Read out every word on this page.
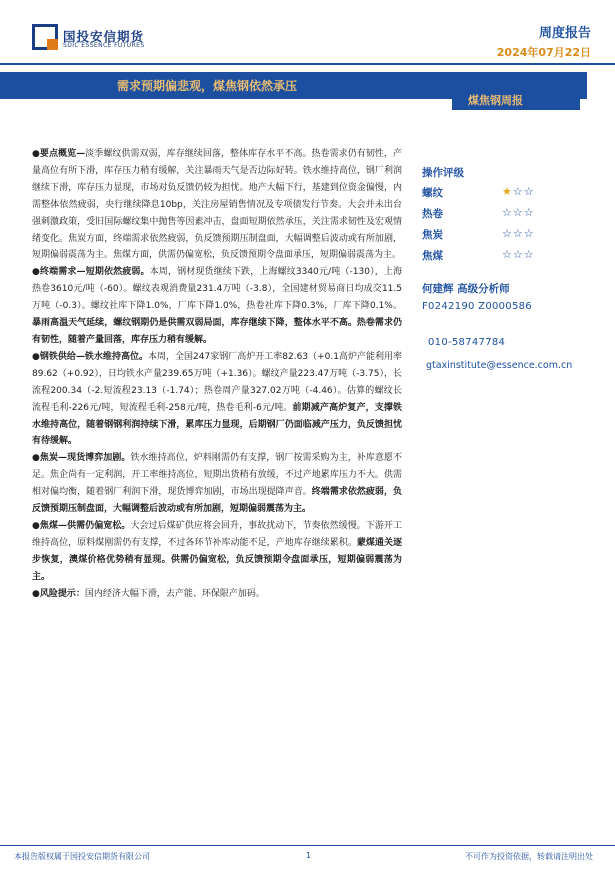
国投安信期货
SDIC ESSENCE FUTURES
周度报告
2024年07月22日
需求预期偏悲观，煤焦钢依然承压
煤焦钢周报

●要点概览—淡季螺纹供需双弱，库存继续回落，整体库存水平不高。热卷需求仍有韧性，产量高位有所下滑，库存压力稍有缓解，关注暴雨天气是否边际好转。铁水维持高位，钢厂利润继续下滑，库存压力显现，市场对负反馈仍较为担忧。地产大幅下行，基建到位资金偏慢，内需整体依然疲弱，央行继续降息10bp，关注房屋销售情况及专项债发行节奏。大会并未出台强刺激政策，受旧国际螺纹集中抛售等因素冲击，盘面短期依然承压，关注需求韧性及宏观情绪变化。焦炭方面，终端需求依然疲弱，负反馈预期压制盘面，大幅调整后波动或有所加剧，短期偏弱震荡为主。焦煤方面，供需仍偏宽松，负反馈预期令盘面承压，短期偏弱震荡为主。

●终端需求—短期依然疲弱。本周，钢材现货继续下跌，上海螺纹3340元/吨（-130），上海热卷3610元/吨（-60）。螺纹表观消费量231.4万吨（-3.8），全国建材贸易商日均成交11.5万吨（-0.3）。螺纹社库下降1.0%，厂库下降1.0%，热卷社库下降0.3%，厂库下降0.1%。暴雨高温天气延续，螺纹钢期仍是供需双弱局面，库存继续下降，整体水平不高。热卷需求仍有韧性，随着产量回落，库存压力稍有缓解。

●钢铁供给—铁水维持高位。本周，全国247家钢厂高炉开工率82.63（+0.1高炉产能利用率89.62（+0.92），日均铁水产量239.65万吨（+1.36）。螺纹产量223.47万吨（-3.75），长流程200.34（-2.短流程23.13（-1.74）；热卷周产量327.02万吨（-4.46）。估算的螺纹长流程毛利-226元/吨，短流程毛利-258元/吨，热卷毛利-6元/吨。前期减产高炉复产，支撑铁水维持高位，随着钢钢利润持续下滑，累库压力显现，后期钢厂仍面临减产压力，负反馈担忧有待缓解。

●焦炭—现货博弈加剧。铁水维持高位，炉料刚需仍有支撑，钢厂按需采购为主，补库意愿不足。焦企尚有一定利润，开工率维持高位，短期出货稍有放缓，不过产地累库压力不大。供需相对偏均衡，随着钢厂利润下滑，现货博弈加剧，市场出现提降声音。终端需求依然疲弱，负反馈预期压制盘面，大幅调整后波动或有所加剧，短期偏弱震荡为主。

●焦煤—供需仍偏宽松。大会过后煤矿供应将会回升，事故扰动下，节奏依然缓慢。下游开工维持高位，原料煤刚需仍有支撑，不过各环节补库动能不足，产地库存继续累积。蒙煤通关逐步恢复，澳煤价格优势稍有显现。供需仍偏宽松，负反馈预期令盘面承压，短期偏弱震荡为主。

●风险提示：国内经济大幅下滑，去产能、环保限产加码。

操作评级
螺纹	★☆☆
热卷	☆☆☆
焦炭	☆☆☆
焦煤	☆☆☆
何建辉 高级分析师
F0242190 Z0000586
010-58747784
gtaxinstitute@essence.com.cn
本报告版权属于国投安信期货有限公司	1	不可作为投资依据，转载请注明出处
